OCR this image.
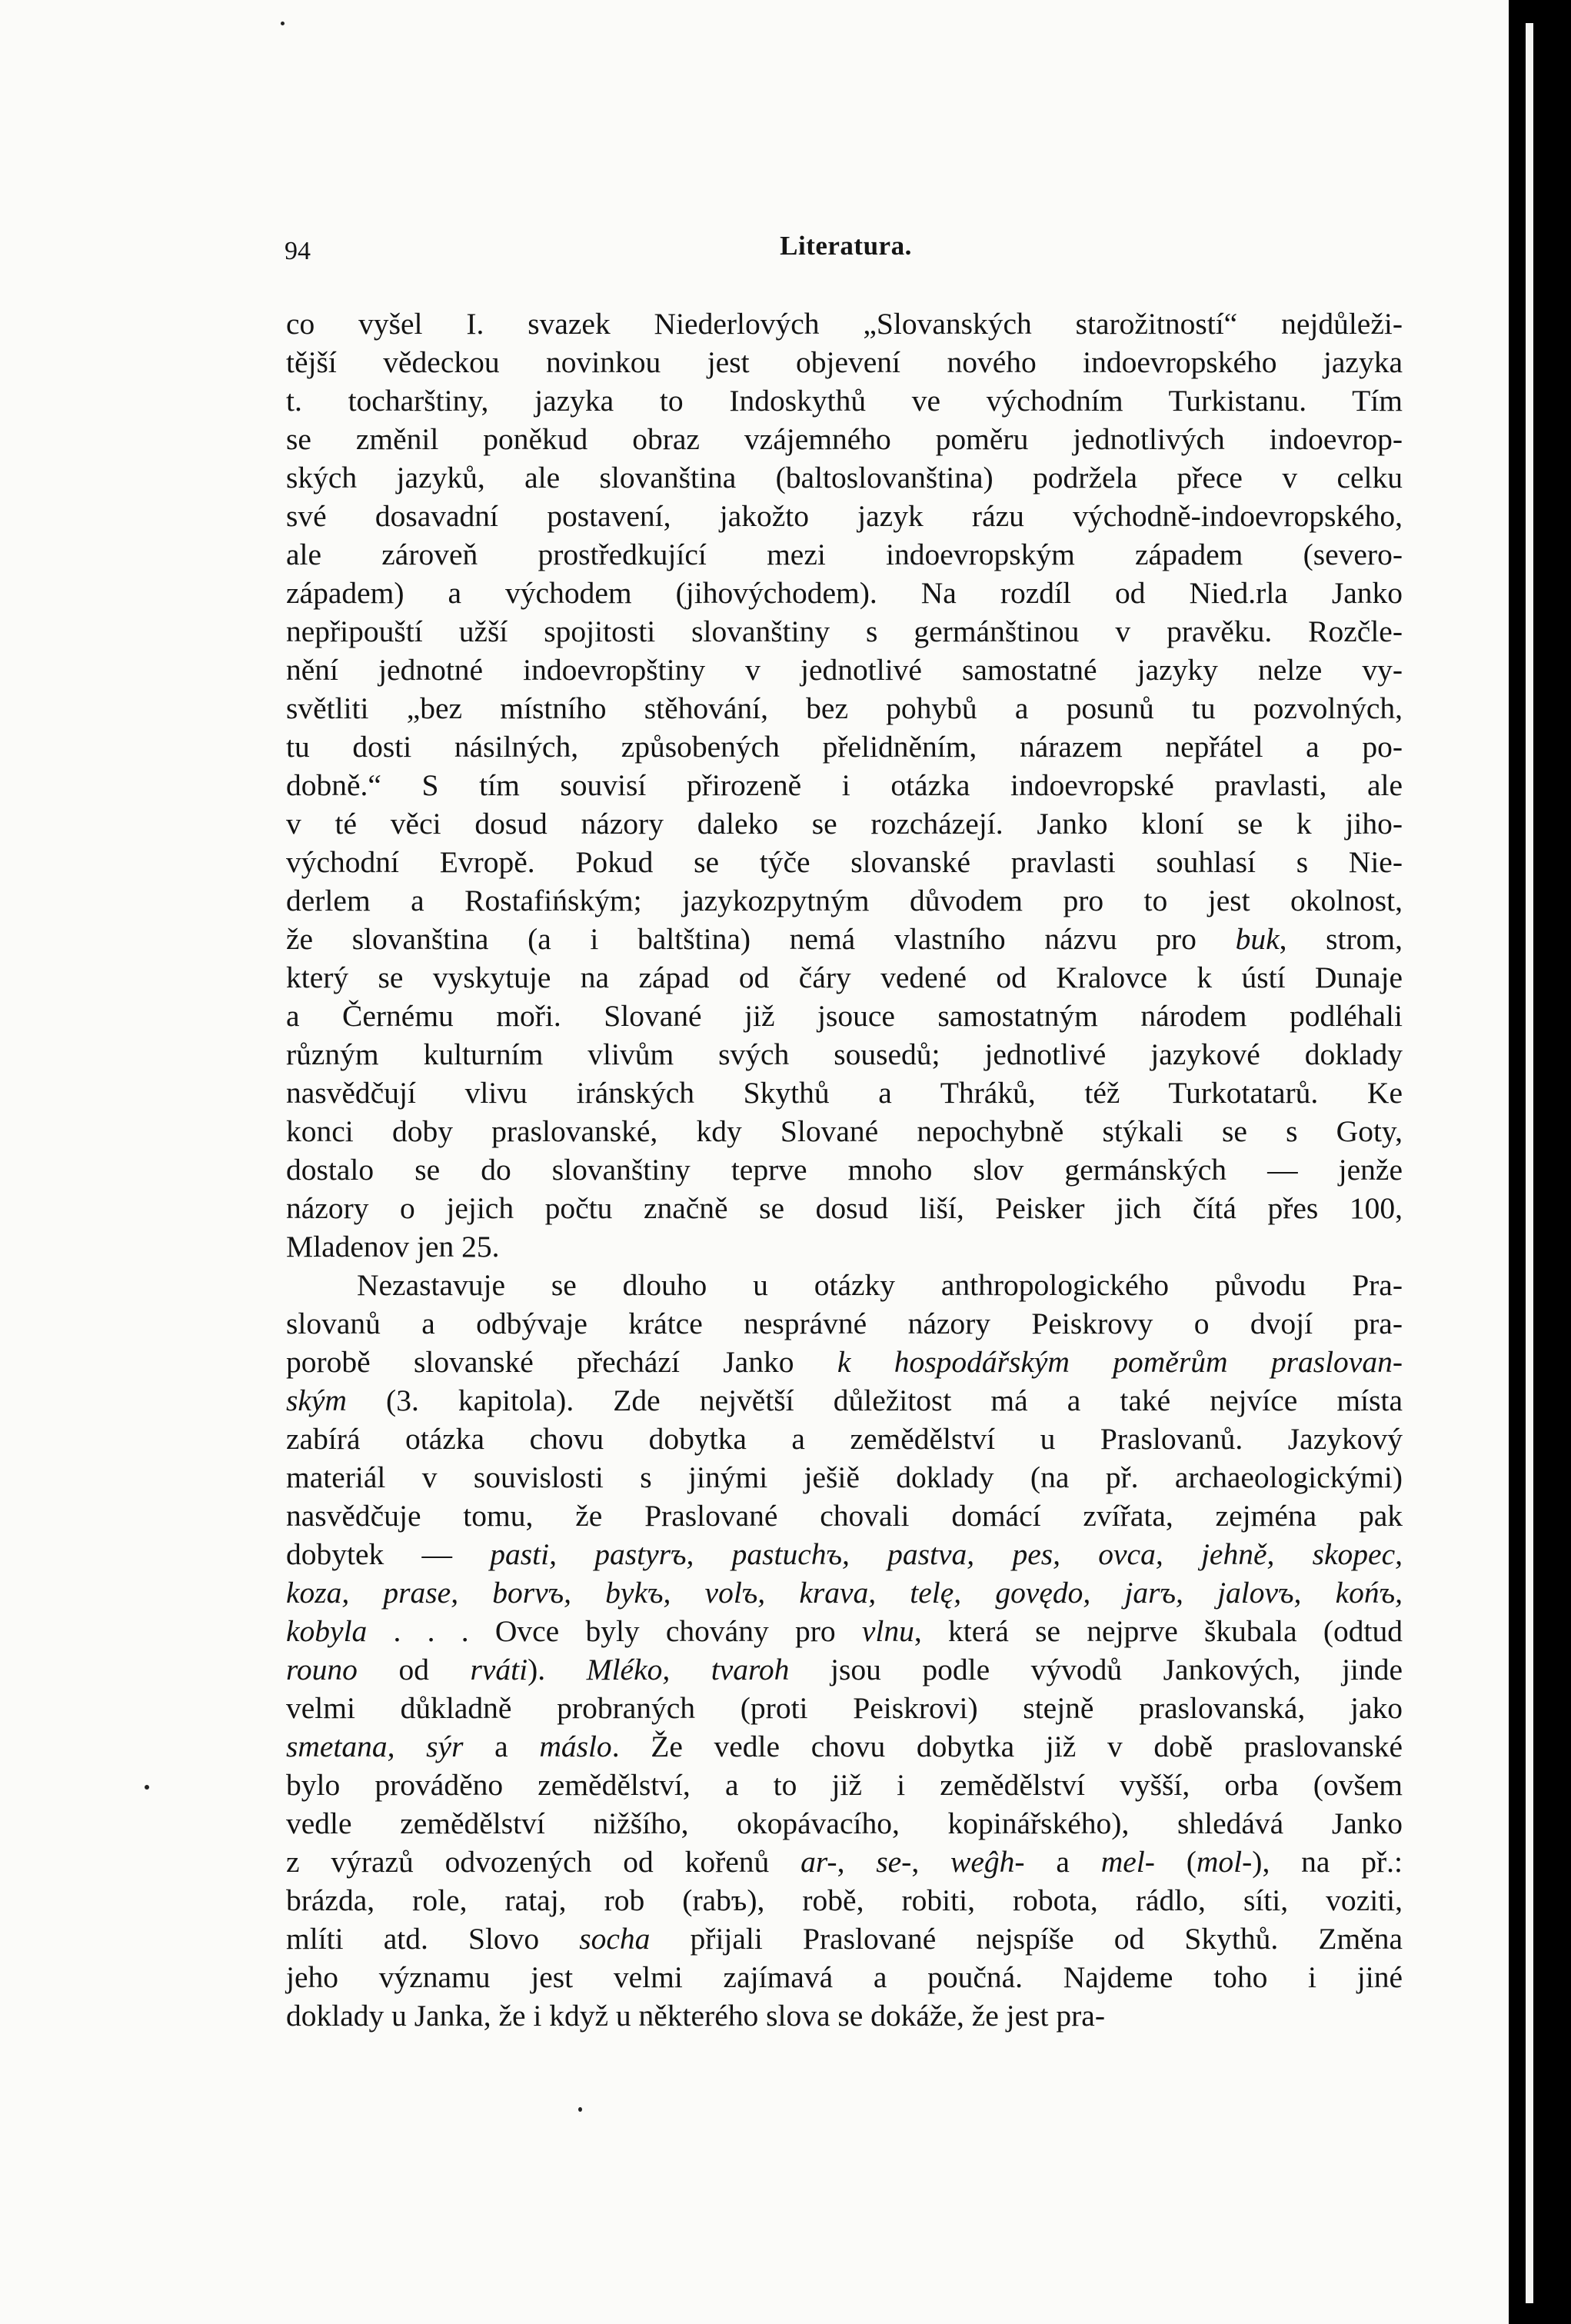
94	Literatura.
co vyšel I. svazek Niederlových „Slovanských starožitností“ nejdůleži-
tější vědeckou novinkou jest objevení nového indoevropského jazyka
t. tocharštiny, jazyka to Indoskythů ve východním Turkistanu. Tím
se změnil poněkud obraz vzájemného poměru jednotlivých indoevrop-
ských jazyků, ale slovanština (baltoslovanština) podržela přece v celku
své dosavadní postavení, jakožto jazyk rázu východně-indoevropského,
ale zároveň prostředkující mezi indoevropským západem (severo-
západem) a východem (jihovýchodem). Na rozdíl od Nied.rla Janko
nepřipouští užší spojitosti slovanštiny s germánštinou v pravěku. Rozčle-
nění jednotné indoevropštiny v jednotlivé samostatné jazyky nelze vy-
světliti „bez místního stěhování, bez pohybů a posunů tu pozvolných,
tu dosti násilných, způsobených přelidněním, nárazem nepřátel a po-
dobně.“ S tím souvisí přirozeně i otázka indoevropské pravlasti, ale
v té věci dosud názory daleko se rozcházejí. Janko kloní se k jiho-
východní Evropě. Pokud se týče slovanské pravlasti souhlasí s Nie-
derlem a Rostafińským; jazykozpytným důvodem pro to jest okolnost,
že slovanština (a i baltština) nemá vlastního názvu pro buk, strom,
který se vyskytuje na západ od čáry vedené od Kralovce k ústí Dunaje
a Černému moři. Slované již jsouce samostatným národem podléhali
různým kulturním vlivům svých sousedů; jednotlivé jazykové doklady
nasvědčují vlivu iránských Skythů a Thráků, též Turkotatarů. Ke
konci doby praslovanské, kdy Slované nepochybně stýkali se s Goty,
dostalo se do slovanštiny teprve mnoho slov germánských — jenže
názory o jejich počtu značně se dosud liší, Peisker jich čítá přes 100,
Mladenov jen 25.
Nezastavuje se dlouho u otázky anthropologického původu Pra-
slovanů a odbývaje krátce nesprávné názory Peiskrovy o dvojí pra-
porobě slovanské přechází Janko k hospodářským poměrům praslovan-
ským (3. kapitola). Zde největší důležitost má a také nejvíce místa
zabírá otázka chovu dobytka a zemědělství u Praslovanů. Jazykový
materiál v souvislosti s jinými ješiě doklady (na př. archaeologickými)
nasvědčuje tomu, že Praslované chovali domácí zvířata, zejména pak
dobytek — pasti, pastyrъ, pastuchъ, pastva, pes, ovca, jehně, skopec,
koza, prase, borvъ, bykъ, volъ, krava, telę, govędo, jarъ, jalovъ, końъ,
kobyla . . . Ovce byly chovány pro vlnu, která se nejprve škubala (odtud
rouno od rváti). Mléko, tvaroh jsou podle vývodů Jankových, jinde
velmi důkladně probraných (proti Peiskrovi) stejně praslovanská, jako
smetana, sýr a máslo. Že vedle chovu dobytka již v době praslovanské
bylo prováděno zemědělství, a to již i zemědělství vyšší, orba (ovšem
vedle zemědělství nižšího, okopávacího, kopinářského), shledává Janko
z výrazů odvozených od kořenů ar-, se-, weĝh- a mel- (mol-), na př.:
brázda, role, rataj, rob (rabъ), robě, robiti, robota, rádlo, síti, voziti,
mlíti atd. Slovo socha přijali Praslované nejspíše od Skythů. Změna
jeho významu jest velmi zajímavá a poučná. Najdeme toho i jiné
doklady u Janka, že i když u některého slova se dokáže, že jest pra-
